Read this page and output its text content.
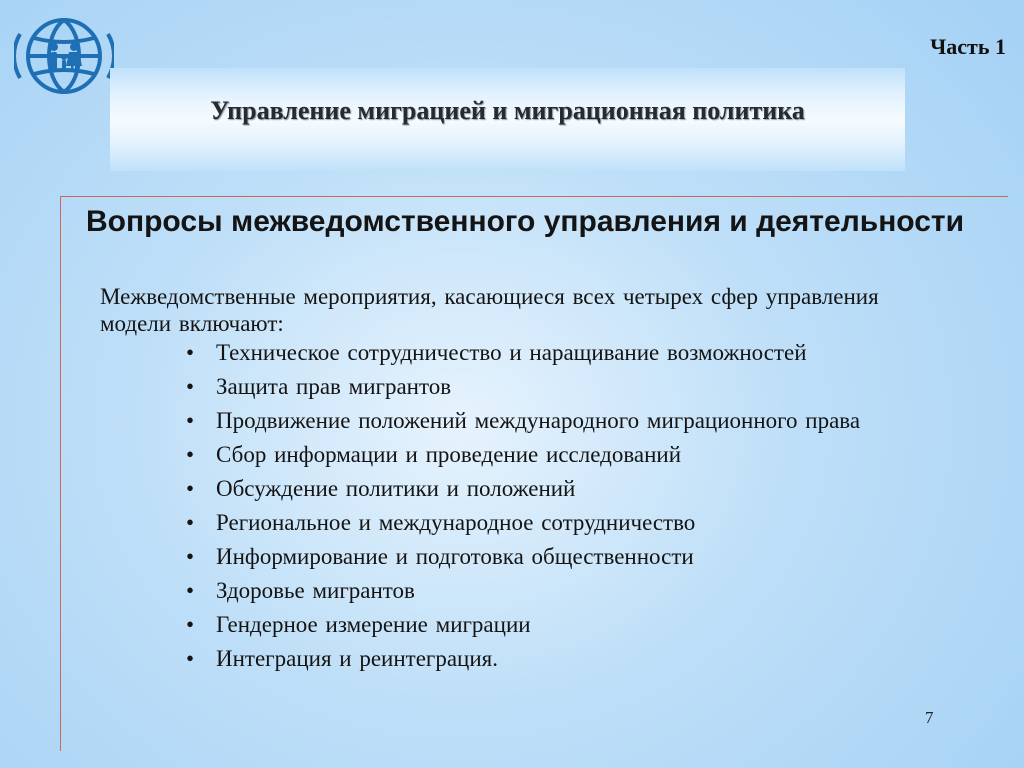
Часть 1
Управление миграцией и миграционная политика
Вопросы межведомственного управления и деятельности
Межведомственные мероприятия, касающиеся всех четырех сфер управления модели включают:
• Техническое сотрудничество и наращивание возможностей
• Защита прав мигрантов
• Продвижение положений международного миграционного права
• Сбор информации и проведение исследований
• Обсуждение политики и положений
• Региональное и международное сотрудничество
• Информирование и подготовка общественности
• Здоровье мигрантов
• Гендерное измерение миграции
• Интеграция и реинтеграция.
7
